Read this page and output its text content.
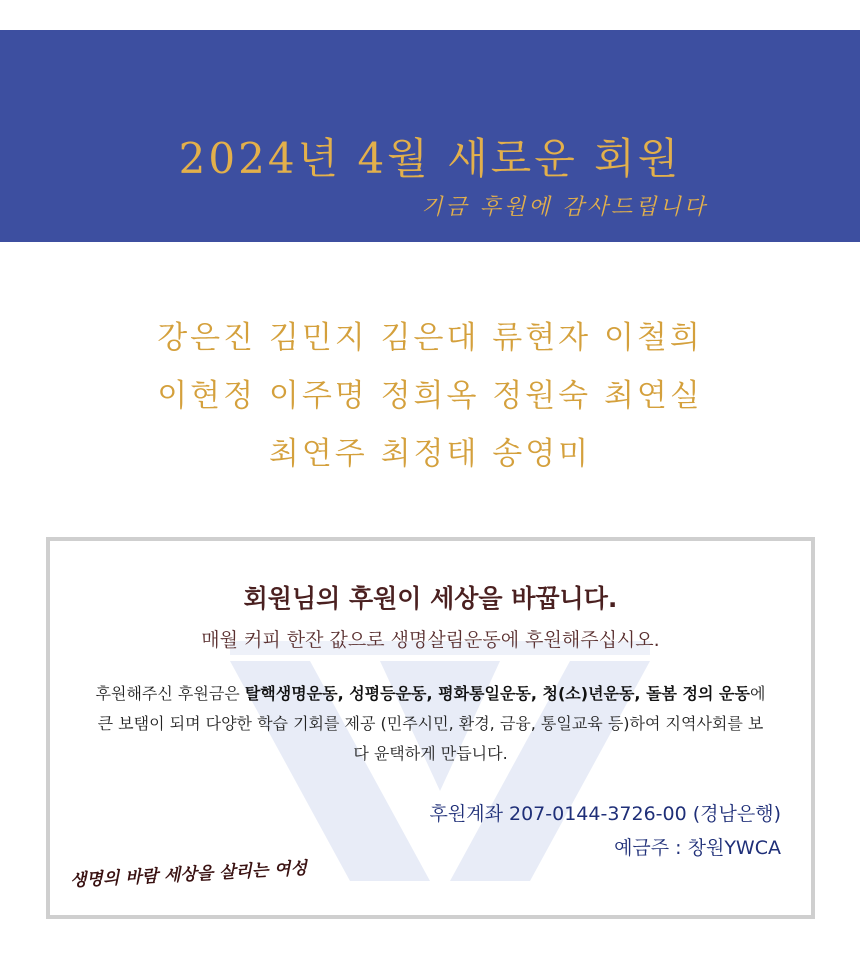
2024년 4월 새로운 회원
기금 후원에 감사드립니다
강은진 김민지 김은대 류현자 이철희
이현정 이주명 정희옥 정원숙 최연실
최연주 최정태 송영미
회원님의 후원이 세상을 바꿉니다.
매월 커피 한잔 값으로 생명살림운동에 후원해주십시오.
후원해주신 후원금은 탈핵생명운동, 성평등운동, 평화통일운동, 청(소)년운동, 돌봄 정의 운동에 큰 보탬이 되며 다양한 학습 기회를 제공 (민주시민, 환경, 금융, 통일교육 등)하여 지역사회를 보다 윤택하게 만듭니다.
후원계좌 207-0144-3726-00 (경남은행)
예금주 : 창원YWCA
생명의 바람 세상을 살리는 여성
